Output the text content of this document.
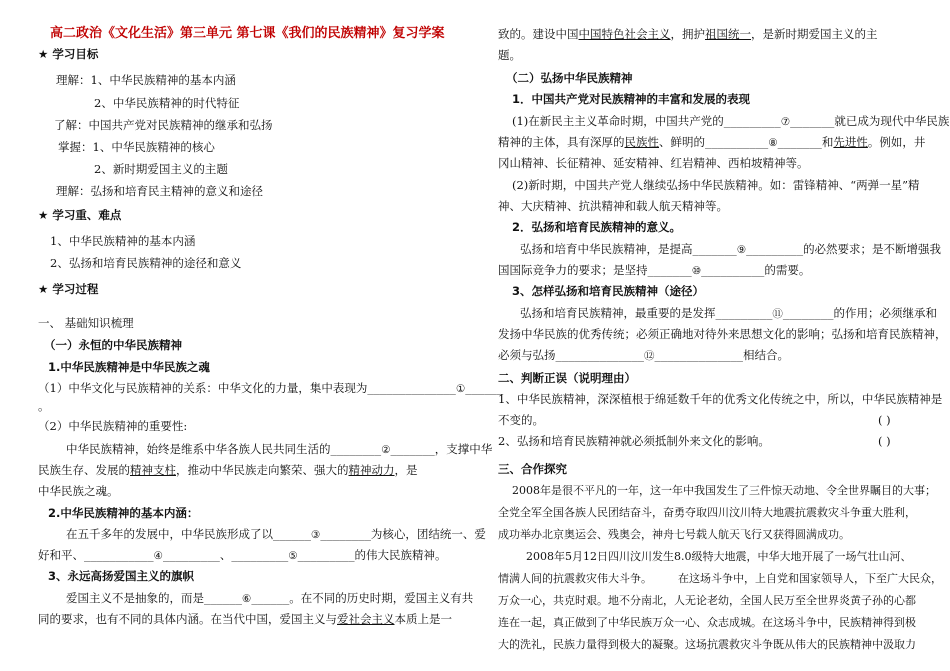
高二政治《文化生活》第三单元 第七课《我们的民族精神》复习学案
★ 学习目标
理解：1、中华民族精神的基本内涵
2、中华民族精神的时代特征
了解：中国共产党对民族精神的继承和弘扬
掌握：1、中华民族精神的核心
2、新时期爱国主义的主题
理解：弘扬和培育民主精神的意义和途径
★ 学习重、难点
1、中华民族精神的基本内涵
2、弘扬和培育民族精神的途径和意义
★ 学习过程
一、 基础知识梳理
（一）永恒的中华民族精神
1.中华民族精神是中华民族之魂
（1）中华文化与民族精神的关系：中华文化的力量，集中表现为______________①______
。
（2）中华民族精神的重要性:
中华民族精神，始终是维系中华各族人民共同生活的________②_______，支撑中华
民族生存、发展的精神支柱，推动中华民族走向繁荣、强大的精神动力，是
中华民族之魂。
2.中华民族精神的基本内涵：
在五千多年的发展中，中华民族形成了以______③________为核心，团结统一、爱
好和平、___________④_________、_________⑤_________的伟大民族精神。
3、永远高扬爱国主义的旗帜
爱国主义不是抽象的，而是______⑥______。在不同的历史时期，爱国主义有共
同的要求，也有不同的具体内涵。在当代中国，爱国主义与爱社会主义本质上是一
致的。建设中国中国特色社会主义，拥护祖国统一，是新时期爱国主义的主
题。
（二）弘扬中华民族精神
1．中国共产党对民族精神的丰富和发展的表现
(1)在新民主主义革命时期，中国共产党的_________⑦_______就已成为现代中华民族
精神的主体，具有深厚的民族性、鲜明的__________⑧_______和先进性。例如，井
冈山精神、长征精神、延安精神、红岩精神、西柏坡精神等。
(2)新时期，中国共产党人继续弘扬中华民族精神。如：雷锋精神、“两弹一星”精
神、大庆精神、抗洪精神和载人航天精神等。
2．弘扬和培育民族精神的意义。
弘扬和培育中华民族精神，是提高_______⑨_________的必然要求；是不断增强我
国国际竞争力的要求；是坚持_______⑩__________的需要。
3、怎样弘扬和培育民族精神（途径）
弘扬和培育民族精神，最重要的是发挥_________⑪________的作用；必须继承和
发扬中华民族的优秀传统；必须正确地对待外来思想文化的影响；弘扬和培育民族精神，
必须与弘扬______________⑫______________相结合。
二、判断正误（说明理由）
1、中华民族精神，深深植根于绵延数千年的优秀文化传统之中，所以，中华民族精神是
不变的。	( )
2、弘扬和培育民族精神就必须抵制外来文化的影响。	( )
三、合作探究
2008年是很不平凡的一年，这一年中我国发生了三件惊天动地、令全世界瞩目的大事；
全党全军全国各族人民团结奋斗，奋勇夺取四川汶川特大地震抗震救灾斗争重大胜利，
成功举办北京奥运会、残奥会，神舟七号载人航天飞行又获得圆满成功。
2008年5月12日四川汶川发生8.0级特大地震，中华大地开展了一场气壮山河、
情满人间的抗震救灾伟大斗争。 在这场斗争中，上自党和国家领导人，下至广大民众，
万众一心，共克时艰。地不分南北，人无论老幼，全国人民万至全世界炎黄子孙的心都
连在一起，真正做到了中华民族万众一心、众志成城。在这场斗争中，民族精神得到极
大的洗礼，民族力量得到极大的凝聚。这场抗震救灾斗争既从伟大的民族精神中汲取力
